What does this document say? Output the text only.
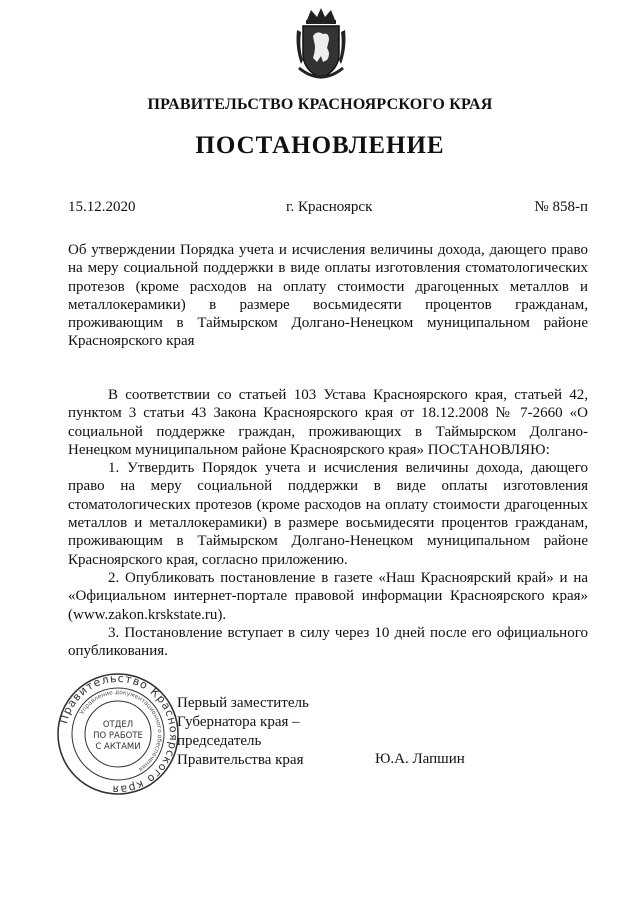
ПРАВИТЕЛЬСТВО КРАСНОЯРСКОГО КРАЯ
ПОСТАНОВЛЕНИЕ
15.12.2020	г. Красноярск	№ 858-п
Об утверждении Порядка учета и исчисления величины дохода, дающего право на меру социальной поддержки в виде оплаты изготовления стоматологических протезов (кроме расходов на оплату стоимости драгоценных металлов и металлокерамики) в размере восьмидесяти процентов гражданам, проживающим в Таймырском Долгано-Ненецком муниципальном районе Красноярского края

В соответствии со статьей 103 Устава Красноярского края, статьей 42, пунктом 3 статьи 43 Закона Красноярского края от 18.12.2008 № 7-2660 «О социальной поддержке граждан, проживающих в Таймырском Долгано-Ненецком муниципальном районе Красноярского края» ПОСТАНОВЛЯЮ:

1. Утвердить Порядок учета и исчисления величины дохода, дающего право на меру социальной поддержки в виде оплаты изготовления стоматологических протезов (кроме расходов на оплату стоимости драгоценных металлов и металлокерамики) в размере восьмидесяти процентов гражданам, проживающим в Таймырском Долгано-Ненецком муниципальном районе Красноярского края, согласно приложению.

2. Опубликовать постановление в газете «Наш Красноярский край» и на «Официальном интернет-портале правовой информации Красноярского края» (www.zakon.krskstate.ru).

3. Постановление вступает в силу через 10 дней после его официального опубликования.

Правительство Красноярского края
Управление документационного обеспечения
ОТДЕЛ
ПО РАБОТЕ
С АКТАМИ
Первый заместитель
Губернатора края –
председатель
Правительства края	Ю.А. Лапшин
